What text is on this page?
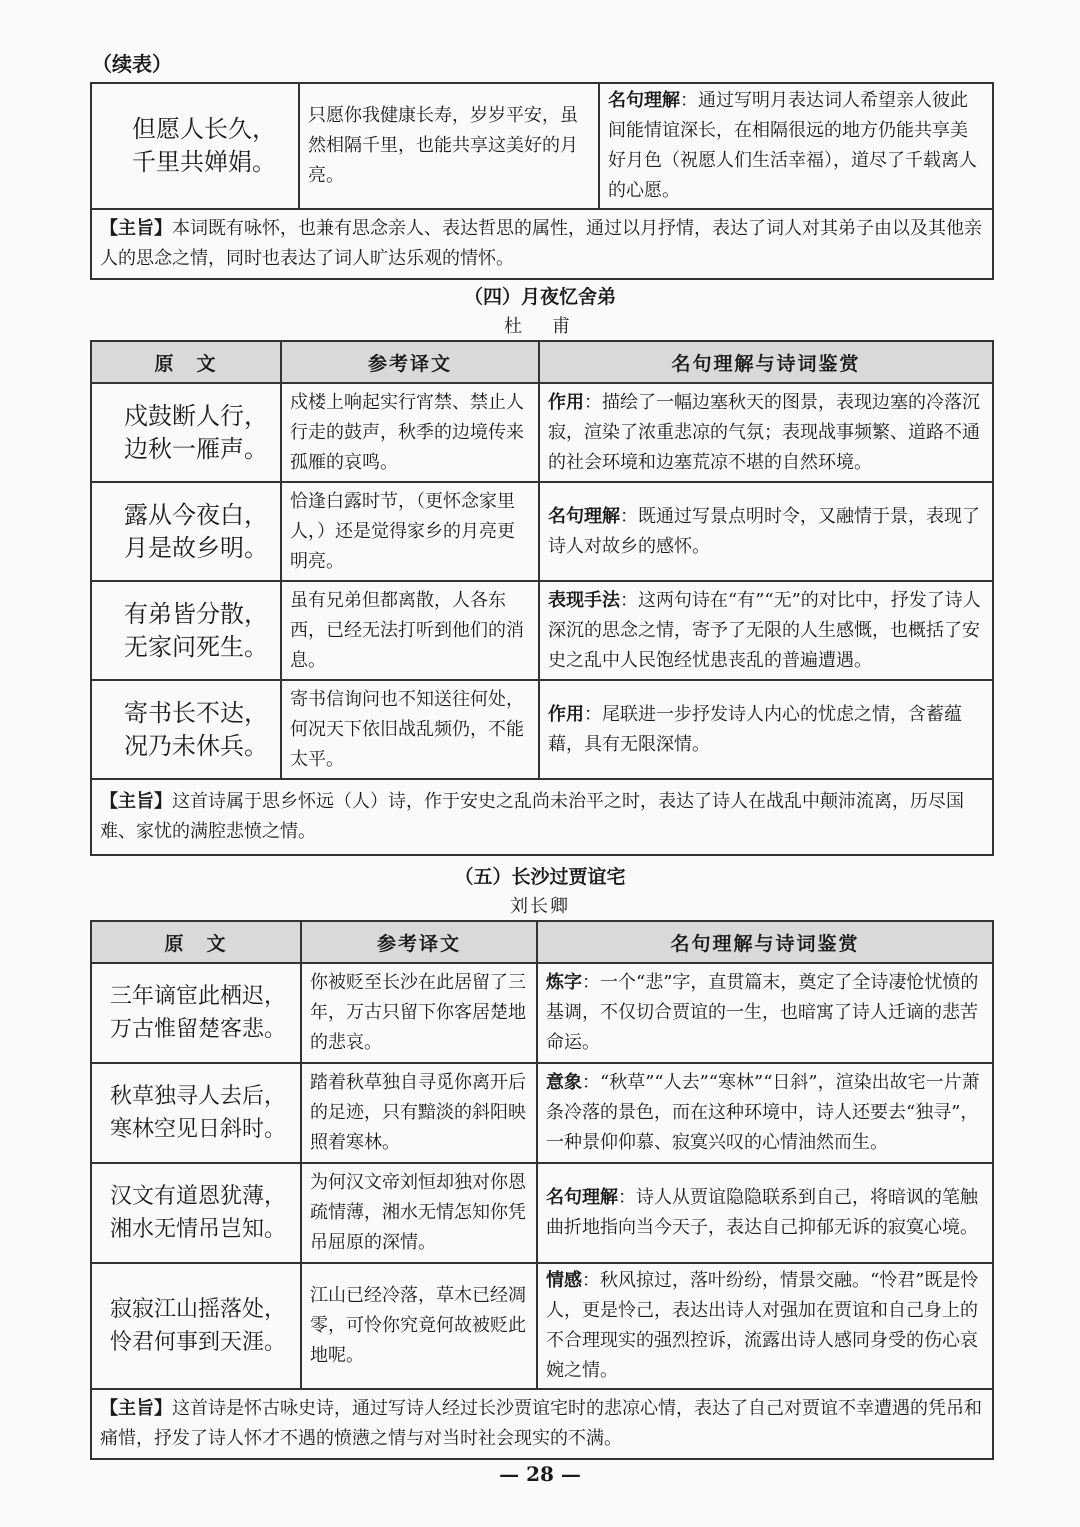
（续表）
但愿人长久，
千里共婵娟。
	只愿你我健康长寿，岁岁平安，虽然相隔千里，也能共享这美好的月亮。	名句理解：通过写明月表达词人希望亲人彼此间能情谊深长，在相隔很远的地方仍能共享美好月色（祝愿人们生活幸福），道尽了千载离人的心愿。
【主旨】本词既有咏怀，也兼有思念亲人、表达哲思的属性，通过以月抒情，表达了词人对其弟子由以及其他亲人的思念之情，同时也表达了词人旷达乐观的情怀。
（四）月夜忆舍弟
杜　甫
原　文	参考译文	名句理解与诗词鉴赏

戍鼓断人行，
边秋一雁声。	戍楼上响起实行宵禁、禁止人行走的鼓声，秋季的边境传来孤雁的哀鸣。	作用：描绘了一幅边塞秋天的图景，表现边塞的冷落沉寂，渲染了浓重悲凉的气氛；表现战事频繁、道路不通的社会环境和边塞荒凉不堪的自然环境。

露从今夜白，
月是故乡明。	恰逢白露时节，（更怀念家里人，）还是觉得家乡的月亮更明亮。	名句理解：既通过写景点明时令，又融情于景，表现了诗人对故乡的感怀。

有弟皆分散，
无家问死生。	虽有兄弟但都离散，人各东西，已经无法打听到他们的消息。	表现手法：这两句诗在“有”“无”的对比中，抒发了诗人深沉的思念之情，寄予了无限的人生感慨，也概括了安史之乱中人民饱经忧患丧乱的普遍遭遇。

寄书长不达，
况乃未休兵。	寄书信询问也不知送往何处，何况天下依旧战乱频仍，不能太平。	作用：尾联进一步抒发诗人内心的忧虑之情，含蓄蕴藉，具有无限深情。
【主旨】这首诗属于思乡怀远（人）诗，作于安史之乱尚未治平之时，表达了诗人在战乱中颠沛流离，历尽国难、家忧的满腔悲愤之情。		
（五）长沙过贾谊宅
刘长卿
原　文	参考译文	名句理解与诗词鉴赏

三年谪宦此栖迟，
万古惟留楚客悲。	你被贬至长沙在此居留了三年，万古只留下你客居楚地的悲哀。	炼字：一个“悲”字，直贯篇末，奠定了全诗凄怆忧愤的基调，不仅切合贾谊的一生，也暗寓了诗人迁谪的悲苦命运。

秋草独寻人去后，
寒林空见日斜时。	踏着秋草独自寻觅你离开后的足迹，只有黯淡的斜阳映照着寒林。	意象：“秋草”“人去”“寒林”“日斜”，渲染出故宅一片萧条冷落的景色，而在这种环境中，诗人还要去“独寻”，一种景仰仰慕、寂寞兴叹的心情油然而生。

汉文有道恩犹薄，
湘水无情吊岂知。	为何汉文帝刘恒却独对你恩疏情薄，湘水无情怎知你凭吊屈原的深情。	名句理解：诗人从贾谊隐隐联系到自己，将暗讽的笔触曲折地指向当今天子，表达自己抑郁无诉的寂寞心境。

寂寂江山摇落处，
怜君何事到天涯。	江山已经冷落，草木已经凋零，可怜你究竟何故被贬此地呢。	情感：秋风掠过，落叶纷纷，情景交融。“怜君”既是怜人，更是怜己，表达出诗人对强加在贾谊和自己身上的不合理现实的强烈控诉，流露出诗人感同身受的伤心哀婉之情。
【主旨】这首诗是怀古咏史诗，通过写诗人经过长沙贾谊宅时的悲凉心情，表达了自己对贾谊不幸遭遇的凭吊和痛惜，抒发了诗人怀才不遇的愤懑之情与对当时社会现实的不满。		
— 28 —
